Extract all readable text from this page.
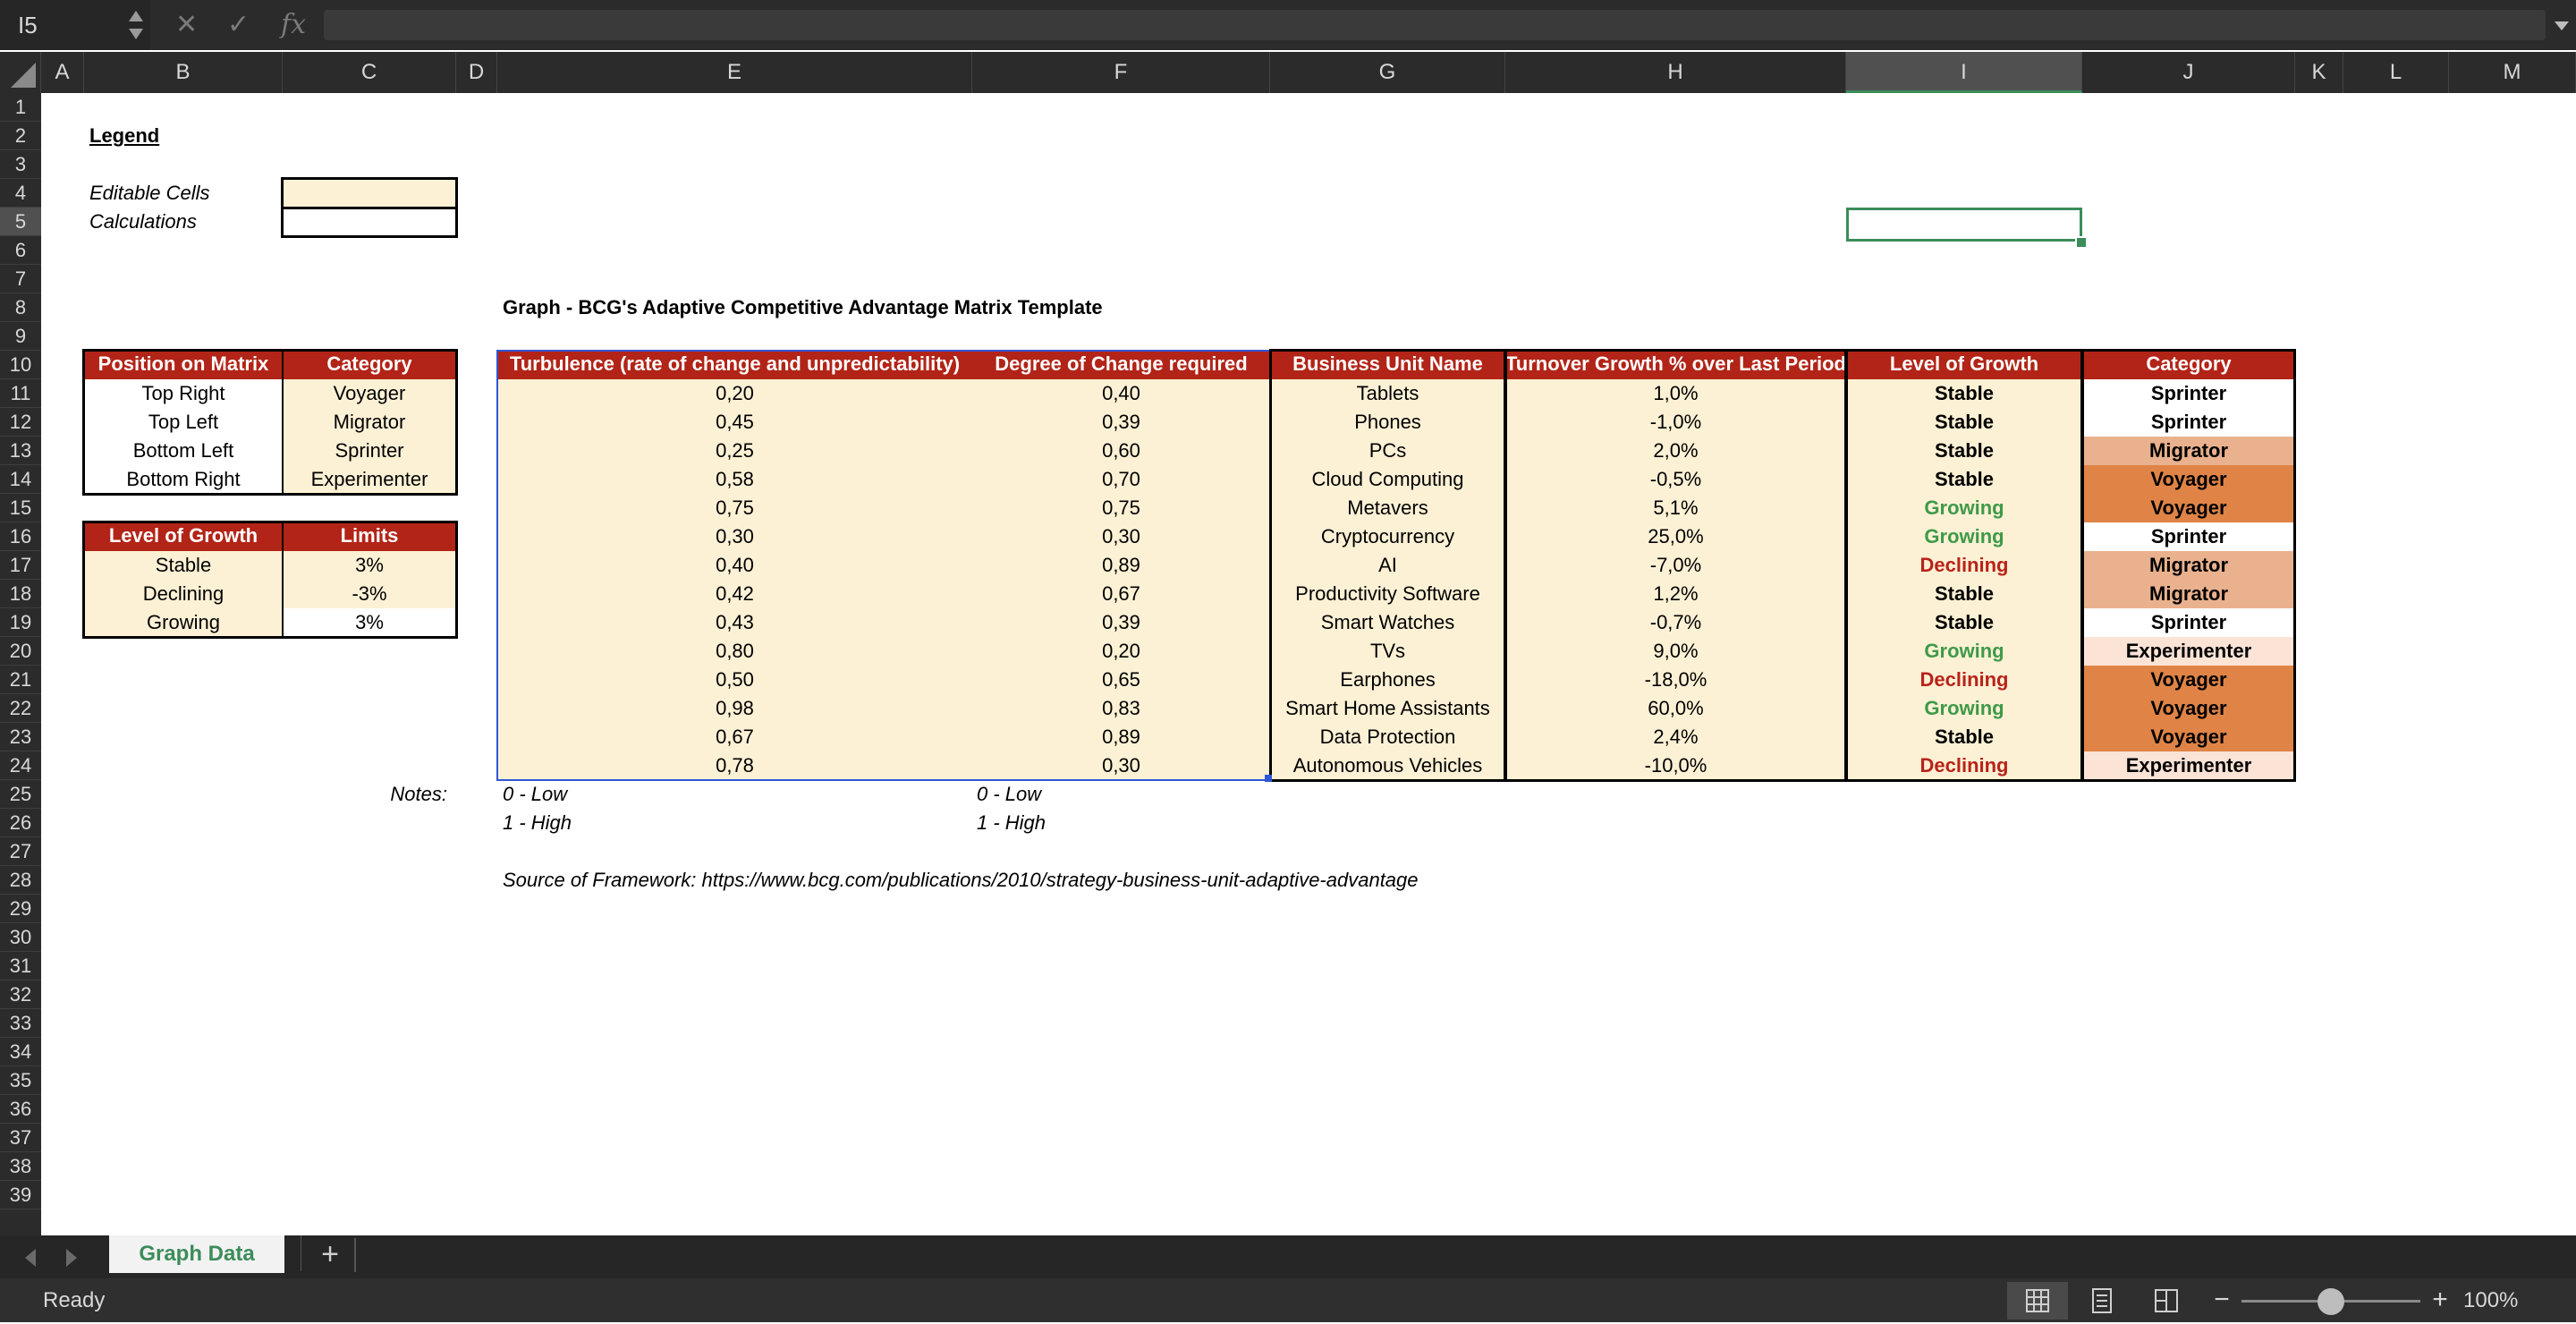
I5	✕ ✓ fx
A	B	C	D	E	F	G	H	I	J	K	L	M
1
2
3
4
5
6
7
8
9
10
11
12
13
14
15
16
17
18
19
20
21
22
23
24
25
26
27
28
29
30
31
32
33
34
35
36
37
38
39
Legend
Editable Cells
Calculations
Graph - BCG's Adaptive Competitive Advantage Matrix Template
Position on Matrix	Category
Top Right	Voyager
Top Left	Migrator
Bottom Left	Sprinter
Bottom Right	Experimenter
Level of Growth	Limits
Stable	3%
Declining	-3%
Growing	3%
Turbulence (rate of change and unpredictability)	Degree of Change required	Business Unit Name	Turnover Growth % over Last Period	Level of Growth	Category
0,20	0,40	Tablets	1,0%	Stable	Sprinter
0,45	0,39	Phones	-1,0%	Stable	Sprinter
0,25	0,60	PCs	2,0%	Stable	Migrator
0,58	0,70	Cloud Computing	-0,5%	Stable	Voyager
0,75	0,75	Metavers	5,1%	Growing	Voyager
0,30	0,30	Cryptocurrency	25,0%	Growing	Sprinter
0,40	0,89	AI	-7,0%	Declining	Migrator
0,42	0,67	Productivity Software	1,2%	Stable	Migrator
0,43	0,39	Smart Watches	-0,7%	Stable	Sprinter
0,80	0,20	TVs	9,0%	Growing	Experimenter
0,50	0,65	Earphones	-18,0%	Declining	Voyager
0,98	0,83	Smart Home Assistants	60,0%	Growing	Voyager
0,67	0,89	Data Protection	2,4%	Stable	Voyager
0,78	0,30	Autonomous Vehicles	-10,0%	Declining	Experimenter
Notes:	0 - Low
1 - High
0 - Low
1 - High
Source of Framework: https://www.bcg.com/publications/2010/strategy-business-unit-adaptive-advantage
Graph Data	+
Ready	−	+ 100%
